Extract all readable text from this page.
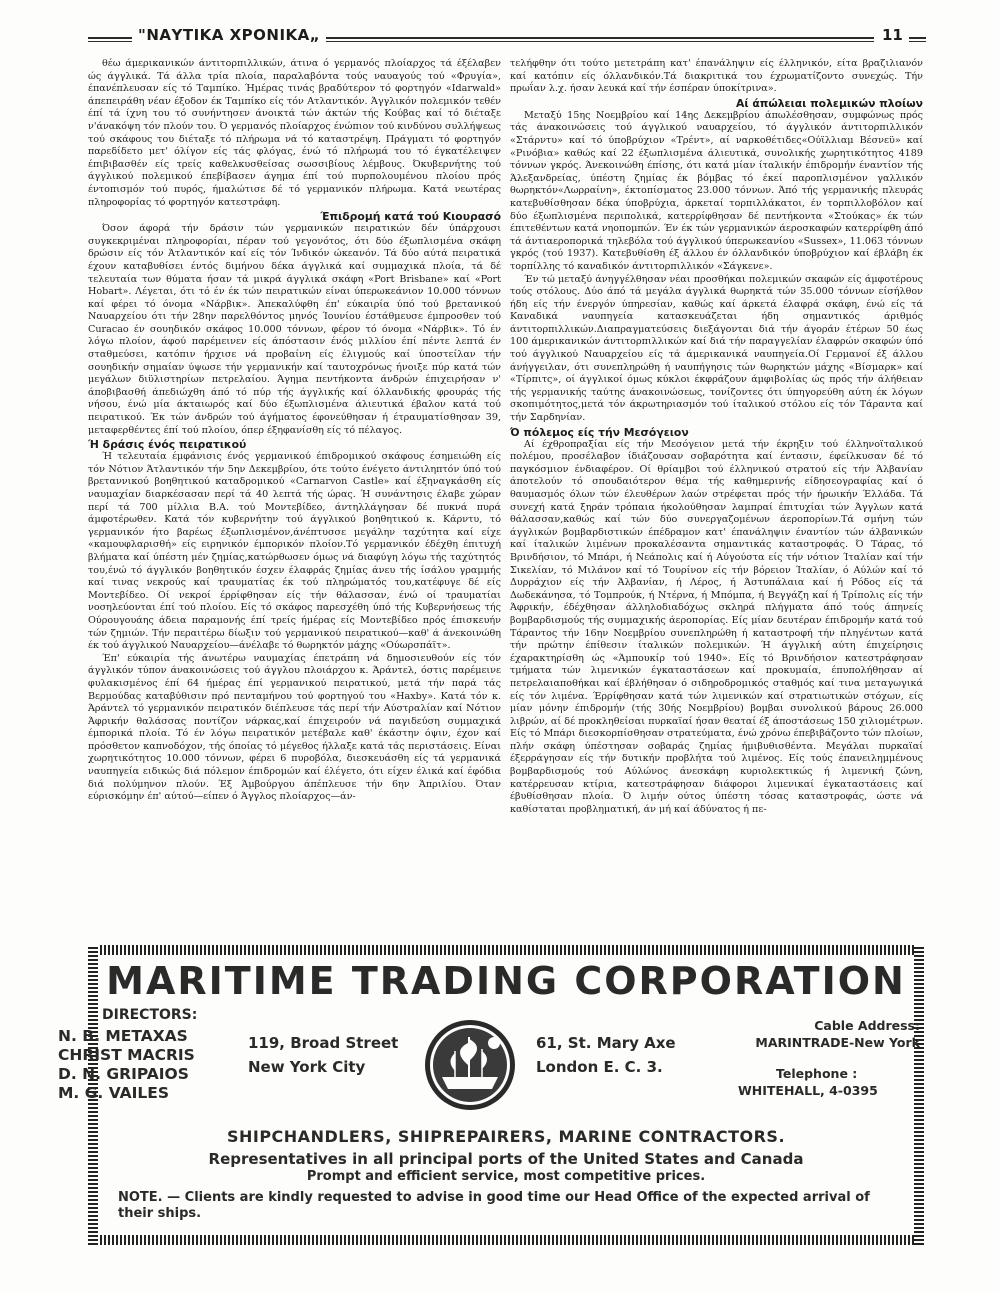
"ΝΑΥΤΙΚΑ ΧΡΟΝΙΚΑ„	11

θέω άμερικανικών άντιτορπιλλικών, άτινα ό γερμανός πλοίαρχος τά έξέλαβεν ώς άγγλικά. Τά άλλα τρία πλοία, παραλαβόντα τούς ναυαγούς τού «Φρυγία», έπανέπλευσαν είς τό Ταμπίκο. Ήμέρας τινάς βραδύτερον τό φορτηγόν «Idarwald» άπεπειράθη νέαν έξοδον έκ Ταμπίκο είς τόν Ατλαντικόν. Άγγλικόν πολεμικόν τεθέν έπί τά ίχνη του τό συνήντησεν άνοικτά τών άκτών τής Κούβας καί τό διέταξε ν'άνακόψη τόν πλούν του. Ό γερμανός πλοίαρχος ένώπιον τού κινδύνου συλλήψεως τού σκάφους του διέταξε τό πλήρωμα νά τό καταστρέψη. Πράγματι τό φορτηγόν παρεδίδετο μετ' όλίγον είς τάς φλόγας, ένώ τό πλήρωμά του τό έγκατέλειψεν έπιβιβασθέν είς τρείς καθελκυσθείσας σωσσιβίους λέμβους. Όκυβερνήτης τού άγγλικού πολεμικού έπεβίβασεν άγημα έπί τού πυρπολουμένου πλοίου πρός έντοπισμόν τού πυρός, ήμαλώτισε δέ τό γερμανικόν πλήρωμα. Κατά νεωτέρας πληροφορίας τό φορτηγόν κατεστράφη.

Έπιδρομή κατά τού Κιουρασό

Όσον άφορά τήν δράσιν τών γερμανικών πειρατικών δέν ύπάρχουσι συγκεκριμέναι πληροφορίαι, πέραν τού γεγονότος, ότι δύο έξωπλισμένα σκάφη δρώσιν είς τόν Άτλαντικόν καί είς τόν Ίνδικόν ώκεανόν. Τά δύο αύτά πειρατικά έχουν καταβυθίσει έντός διμήνου δέκα άγγλικά καί συμμαχικά πλοία, τά δέ τελευταία των θύματα ήσαν τά μικρά άγγλικά σκάφη «Port Brisbane» καί «Port Hobart». Λέγεται, ότι τό έν έκ τών πειρατικών είναι ύπερωκεάνιον 10.000 τόννων καί φέρει τό όνομα «Νάρβικ». Άπεκαλύφθη έπ' εύκαιρία ύπό τού βρετανικού Ναυαρχείου ότι τήν 28ην παρελθόντος μηνός Ίουνίου έστάθμευσε έμπροσθεν τού Curacao έν σουηδικόν σκάφος 10.000 τόννων, φέρον τό όνομα «Νάρβικ». Τό έν λόγω πλοίον, άφού παρέμεινεν είς άπόστασιν ένός μιλλίου έπί πέντε λεπτά έν σταθμεύσει, κατόπιν ήρχισε νά προβαίνη είς έλιγμούς καί ύποστείλαν τήν σουηδικήν σημαίαν ύψωσε τήν γερμανικήν καί ταυτοχρόνως ήνοιξε πύρ κατά τών μεγάλων διϋλιστηρίων πετρελαίου. Άγημα πεντήκοντα άνδρών έπιχειρήσαν ν' άποβιβασθή άπεδιώχθη άπό τό πύρ τής άγγλικής καί όλλανδικής φρουράς τής νήσου, ένώ μία άκταιωρός καί δύο έξωπλισμένα άλιευτικά έβαλον κατά τού πειρατικού. Έκ τών άνδρών τού άγήματος έφονεύθησαν ή έτραυματίσθησαν 39, μεταφερθέντες έπί τού πλοίου, όπερ έξηφανίσθη είς τό πέλαγος.

Ή δράσις ένός πειρατικού

Ή τελευταία έμφάνισις ένός γερμανικού έπιδρομικού σκάφους έσημειώθη είς τόν Νότιον Άτλαντικόν τήν 5ην Δεκεμβρίου, ότε τούτο ένέγετο άντιληπτόν ύπό τού βρεταννικού βοηθητικού καταδρομικού «Carnarvon Castle» καί έξηναγκάσθη είς ναυμαχίαν διαρκέσασαν περί τά 40 λεπτά τής ώρας. Ή συνάντησις έλαβε χώραν περί τά 700 μίλλια Β.Α. τού Μοντεβίδεο, άντηλλάγησαν δέ πυκνά πυρά άμφοτέρωθεν. Κατά τόν κυβερνήτην τού άγγλικού βοηθητικού κ. Κάρντυ, τό γερμανικόν ήτο βαρέως έξωπλισμένον,άνέπτυσσε μεγάλην ταχύτητα καί είχε «καμουφλαρισθή» είς ειρηνικόν έμπορικόν πλοίον.Τό γερμανικόν έδέχθη έπιτυχή βλήματα καί ύπέστη μέν ζημίας,κατώρθωσεν όμως νά διαφύγη λόγω τής ταχύτητός του,ένώ τό άγγλικόν βοηθητικόν έσχεν έλαφράς ζημίας άνευ τής ίσάλου γραμμής καί τινας νεκρούς καί τραυματίας έκ τού πληρώματός του,κατέφυγε δέ είς Μοντεβίδεο. Οί νεκροί έρρίφθησαν είς τήν θάλασσαν, ένώ οί τραυματίαι νοσηλεύονται έπί τού πλοίου. Είς τό σκάφος παρεσχέθη ύπό τής Κυβερνήσεως τής Ούρουγουάης άδεια παραμονής έπί τρείς ήμέρας είς Μοντεβίδεο πρός έπισκευήν τών ζημιών. Τήν περαιτέρω δίωξιν τού γερμανικού πειρατικού—καθ' ά άνεκοινώθη έκ τού άγγλικού Ναυαρχείου—άνέλαβε τό θωρηκτόν μάχης «Ούωρσπάϊτ».

Έπ' εύκαιρία τής άνωτέρω ναυμαχίας έπετράπη νά δημοσιευθούν είς τόν άγγλικόν τύπον άνακοινώσεις τού άγγλου πλοιάρχου κ. Άράντελ, όστις παρέμεινε φυλακισμένος έπί 64 ήμέρας έπί γερμανικού πειρατικού, μετά τήν παρά τάς Βερμούδας καταβύθισιν πρό πενταμήνου τού φορτηγού του «Haxby». Κατά τόν κ. Άράντελ τό γερμανικόν πειρατικόν διέπλευσε τάς περί τήν Αύστραλίαν καί Νότιον Άφρικήν θαλάσσας ποντίζον νάρκας,καί έπιχειρούν νά παγιδεύση συμμαχικά έμπορικά πλοία. Τό έν λόγω πειρατικόν μετέβαλε καθ' έκάστην όψιν, έχον καί πρόσθετον καπνοδόχον, τής όποίας τό μέγεθος ήλλαξε κατά τάς περιστάσεις. Είναι χωρητικότητος 10.000 τόννων, φέρει 6 πυροβόλα, διεσκευάσθη είς τά γερμανικά ναυπηγεία ειδικώς διά πόλεμον έπιδρομών καί έλέγετο, ότι είχεν έλικά καί έφόδια διά πολύμηνον πλούν. Έξ Άμβούργου άπέπλευσε τήν 6ην Άπριλίου. Όταν εύρισκόμην έπ' αύτού—είπεν ό Άγγλος πλοίαρχος—άν-

τελήφθην ότι τούτο μετετράπη κατ' έπανάληψιν είς έλληνικόν, είτα βραζιλιανόν καί κατόπιν είς όλλανδικόν.Τά διακριτικά του έχρωματίζοντο συνεχώς. Τήν πρωΐαν λ.χ. ήσαν λευκά καί τήν έσπέραν ύποκίτρινα».

Αί άπώλειαι πολεμικών πλοίων

Μεταξύ 15ης Νοεμβρίου καί 14ης Δεκεμβρίου άπωλέσθησαν, συμφώνως πρός τάς άνακοινώσεις τού άγγλικού ναυαρχείου, τό άγγλικόν άντιτορπιλλικόν «Στάρντυ» καί τό ύποβρύχιον «Τρέντ», αί ναρκοθέτιδες«Ούϊλλιαμ Βέσνεϋ» καί «Ρινόβια» καθώς καί 22 έξωπλισμένα άλιευτικά, συνολικής χωρητικότητος 4189 τόννων γκρός. Άνεκοινώθη έπίσης, ότι κατά μίαν ίταλικήν έπιδρομήν έναντίον τής Άλεξανδρείας, ύπέστη ζημίας έκ βόμβας τό έκεί παροπλισμένον γαλλικόν θωρηκτόν«Λωρραίνη», έκτοπίσματος 23.000 τόννων. Άπό τής γερμανικής πλευράς κατεβυθίσθησαν δέκα ύποβρύχια, άρκεταί τορπιλλάκατοι, έν τορπιλλοβόλον καί δύο έξωπλισμένα περιπολικά, κατερρίφθησαν δέ πεντήκοντα «Στούκας» έκ τών έπιτεθέντων κατά νηοπομπών. Έν έκ τών γερμανικών άεροσκαφών κατερρίφθη άπό τά άντιαεροπορικά τηλεβόλα τού άγγλικού ύπερωκεανίου «Sussex», 11.063 τόννων γκρός (τού 1937). Κατεβυθίσθη έξ άλλου έν όλλανδικόν ύποβρύχιον καί έβλάβη έκ τορπίλλης τό καναδικόν άντιτορπιλλικόν «Σάγκενε».

Έν τώ μεταξύ άνηγγέλθησαν νέαι προσθήκαι πολεμικών σκαφών είς άμφοτέρους τούς στόλους. Δύο άπό τά μεγάλα άγγλικά θωρηκτά τών 35.000 τόννων είσήλθον ήδη είς τήν ένεργόν ύπηρεσίαν, καθώς καί άρκετά έλαφρά σκάφη, ένώ είς τά Καναδικά ναυπηγεία κατασκευάζεται ήδη σημαντικός άριθμός άντιτορπιλλικών.Διαπραγματεύσεις διεξάγονται διά τήν άγοράν έτέρων 50 έως 100 άμερικανικών άντιτορπιλλικών καί διά τήν παραγγελίαν έλαφρών σκαφών ύπό τού άγγλικού Ναυαρχείου είς τά άμερικανικά ναυπηγεία.Οί Γερμανοί έξ άλλου άνήγγειλαν, ότι συνεπληρώθη ή ναυπήγησις τών θωρηκτών μάχης «Βίσμαρκ» καί «Τίρπιτς», οί άγγλικοί όμως κύκλοι έκφράζουν άμφιβολίας ώς πρός τήν άλήθειαν τής γερμανικής ταύτης άνακοινώσεως, τονίζοντες ότι ύπηγορεύθη αύτη έκ λόγων σκοπιμότητος,μετά τόν άκρωτηριασμόν τού ίταλικού στόλου είς τόν Τάραντα καί τήν Σαρδηνίαν.

Ό πόλεμος είς τήν Μεσόγειον

Αί έχθροπραξίαι είς τήν Μεσόγειον μετά τήν έκρηξιν τού έλληνοϊταλικού πολέμου, προσέλαβον ίδιάζουσαν σοβαρότητα καί έντασιν, έφείλκυσαν δέ τό παγκόσμιον ένδιαφέρον. Οί θρίαμβοι τού έλληνικού στρατού είς τήν Άλβανίαν άποτελούν τό σπουδαιότερον θέμα τής καθημερινής είδησεογραφίας καί ό θαυμασμός όλων τών έλευθέρων λαών στρέφεται πρός τήν ήρωικήν Έλλάδα. Τά συνεχή κατά ξηράν τρόπαια ήκολούθησαν λαμπραί έπιτυχίαι τών Άγγλων κατά θάλασσαν,καθώς καί τών δύο συνεργαζομένων άεροπορίων.Τά σμήνη τών άγγλικών βομβαρδιστικών έπέδραμον κατ' έπανάληψιν έναντίον τών άλβανικών καί ίταλικών λιμένων προκαλέσαντα σημαντικάς καταστροφάς. Ό Τάρας, τό Βρινδήσιον, τό Μπάρι, ή Νεάπολις καί ή Αύγούστα είς τήν νότιον Ίταλίαν καί τήν Σικελίαν, τό Μιλάνον καί τό Τουρίνον είς τήν βόρειον Ίταλίαν, ό Αύλών καί τό Δυρράχιον είς τήν Άλβανίαν, ή Λέρος, ή Άστυπάλαια καί ή Ρόδος είς τά Δωδεκάνησα, τό Τομπρούκ, ή Ντέρνα, ή Μπόμπα, ή Βεγγάζη καί ή Τρίπολις είς τήν Άφρικήν, έδέχθησαν άλληλοδιαδόχως σκληρά πλήγματα άπό τούς άπηνείς βομβαρδισμούς τής συμμαχικής άεροπορίας. Είς μίαν δευτέραν έπιδρομήν κατά τού Τάραντος τήν 16ην Νοεμβρίου συνεπληρώθη ή καταστροφή τήν πληγέντων κατά τήν πρώτην έπίθεσιν ίταλικών πολεμικών. Ή άγγλική αύτη έπιχείρησις έχαρακτηρίσθη ώς «Άμπουκίρ τού 1940». Είς τό Βρινδήσιον κατεστράφησαν τμήματα τών λιμενικών έγκαταστάσεων καί προκυμαία, έπυπολήθησαν αί πετρελαιαποθήκαι καί έβλήθησαν ό σιδηροδρομικός σταθμός καί τινα μεταγωγικά είς τόν λιμένα. Έρρίφθησαν κατά τών λιμενικών καί στρατιωτικών στόχων, είς μίαν μόνην έπιδρομήν (τής 30ής Νοεμβρίου) βομβαι συνολικού βάρους 26.000 λιβρών, αί δέ προκληθείσαι πυρκαϊαί ήσαν θεαταί έξ άποστάσεως 150 χιλιομέτρων. Είς τό Μπάρι διεσκορπίσθησαν στρατεύματα, ένώ χρόνω έπεβιβάζοντο τών πλοίων, πλήν σκάφη ύπέστησαν σοβαράς ζημίας ήμιβυθισθέντα. Μεγάλαι πυρκαϊαί έξερράγησαν είς τήν δυτικήν προβλήτα τού λιμένος. Είς τούς έπανειλημμένους βομβαρδισμούς τού Αύλώνος άνεσκάφη κυριολεκτικώς ή λιμενική ζώνη, κατέρρευσαν κτίρια, κατεστράφησαν διάφοροι λιμενικαί έγκαταστάσεις καί έβυθίσθησαν πλοία. Ό λιμήν ούτος ύπέστη τόσας καταστροφάς, ώστε νά καθίσταται προβληματική, άν μή καί άδύνατος ή πε-

MARITIME TRADING CORPORATION
DIRECTORS:
N. B. METAXAS
CHRIST MACRIS
D. N. GRIPAIOS
M. G. VAILES
119, Broad Street
New York City
61, St. Mary Axe
London E. C. 3.
Cable Address:
MARINTRADE-New York
Telephone :
WHITEHALL, 4-0395
SHIPCHANDLERS, SHIPREPAIRERS, MARINE CONTRACTORS.
Representatives in all principal ports of the United States and Canada
Prompt and efficient service, most competitive prices.
NOTE. — Clients are kindly requested to advise in good time our Head Office of the expected arrival of their ships.
